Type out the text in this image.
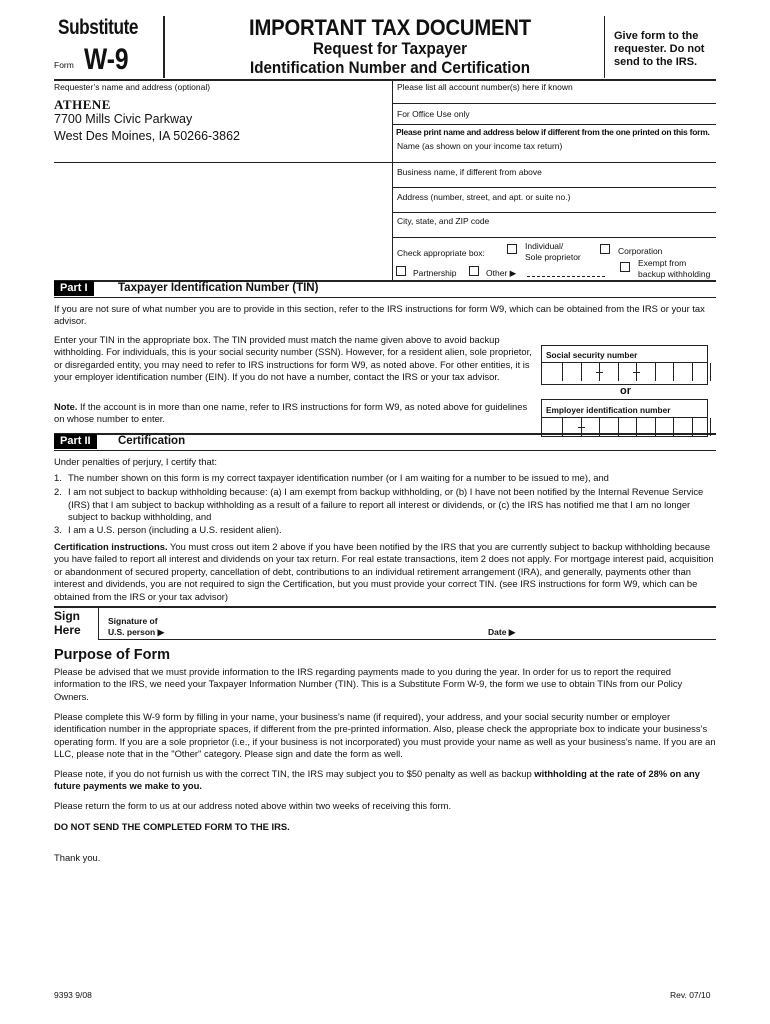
Substitute
Form W-9
IMPORTANT TAX DOCUMENT
Request for Taxpayer
Identification Number and Certification
Give form to the requester. Do not send to the IRS.
Requester’s name and address (optional)
ATHENE
7700 Mills Civic Parkway
West Des Moines, IA 50266-3862
Please list all account number(s) here if known
For Office Use only
Please print name and address below if different from the one printed on this form.
Name (as shown on your income tax return)
Business name, if different from above
Address (number, street, and apt. or suite no.)
City, state, and ZIP code
Check appropriate box:
Individual/
Sole proprietor
Corporation
Partnership	Other ▶
Exempt from
backup withholding
Part I	Taxpayer Identification Number (TIN)
If you are not sure of what number you are to provide in this section, refer to the IRS instructions for form W9, which can be obtained from the IRS or your tax advisor.
Enter your TIN in the appropriate box. The TIN provided must match the name given above to avoid backup withholding. For individuals, this is your social security number (SSN). However, for a resident alien, sole proprietor, or disregarded entity, you may need to refer to IRS instructions for form W9, as noted above. For other entities, it is your employer identification number (EIN). If you do not have a number, contact the IRS or your tax advisor.
Note. If the account is in more than one name, refer to IRS instructions for form W9, as noted above for guidelines on whose number to enter.
Social security number
or
Employer identification number
Part II	Certification
Under penalties of perjury, I certify that:
1. The number shown on this form is my correct taxpayer identification number (or I am waiting for a number to be issued to me), and
2. I am not subject to backup withholding because: (a) I am exempt from backup withholding, or (b) I have not been notified by the Internal Revenue Service (IRS) that I am subject to backup withholding as a result of a failure to report all interest or dividends, or (c) the IRS has notified me that I am no longer subject to backup withholding, and
3. I am a U.S. person (including a U.S. resident alien).
Certification instructions. You must cross out item 2 above if you have been notified by the IRS that you are currently subject to backup withholding because you have failed to report all interest and dividends on your tax return. For real estate transactions, item 2 does not apply. For mortgage interest paid, acquisition or abandonment of secured property, cancellation of debt, contributions to an individual retirement arrangement (IRA), and generally, payments other than interest and dividends, you are not required to sign the Certification, but you must provide your correct TIN. (see IRS instructions for form W9, which can be obtained from the IRS or your tax advisor)
Sign
Here
Signature of
U.S. person ▶	Date ▶
Purpose of Form
Please be advised that we must provide information to the IRS regarding payments made to you during the year. In order for us to report the required information to the IRS, we need your Taxpayer Information Number (TIN). This is a Substitute Form W-9, the form we use to obtain TINs from our Policy Owners.
Please complete this W-9 form by filling in your name, your business’s name (if required), your address, and your social security number or employer identification number in the appropriate spaces, if different from the pre-printed information. Also, please check the appropriate box to indicate your business’s operating form. If you are a sole proprietor (i.e., if your business is not incorporated) you must provide your name as well as your business’s name. If you are an LLC, please note that in the "Other" category. Please sign and date the form as well.
Please note, if you do not furnish us with the correct TIN, the IRS may subject you to $50 penalty as well as backup withholding at the rate of 28% on any future payments we make to you.
Please return the form to us at our address noted above within two weeks of receiving this form.
DO NOT SEND THE COMPLETED FORM TO THE IRS.
Thank you.
9393 9/08	Rev. 07/10
